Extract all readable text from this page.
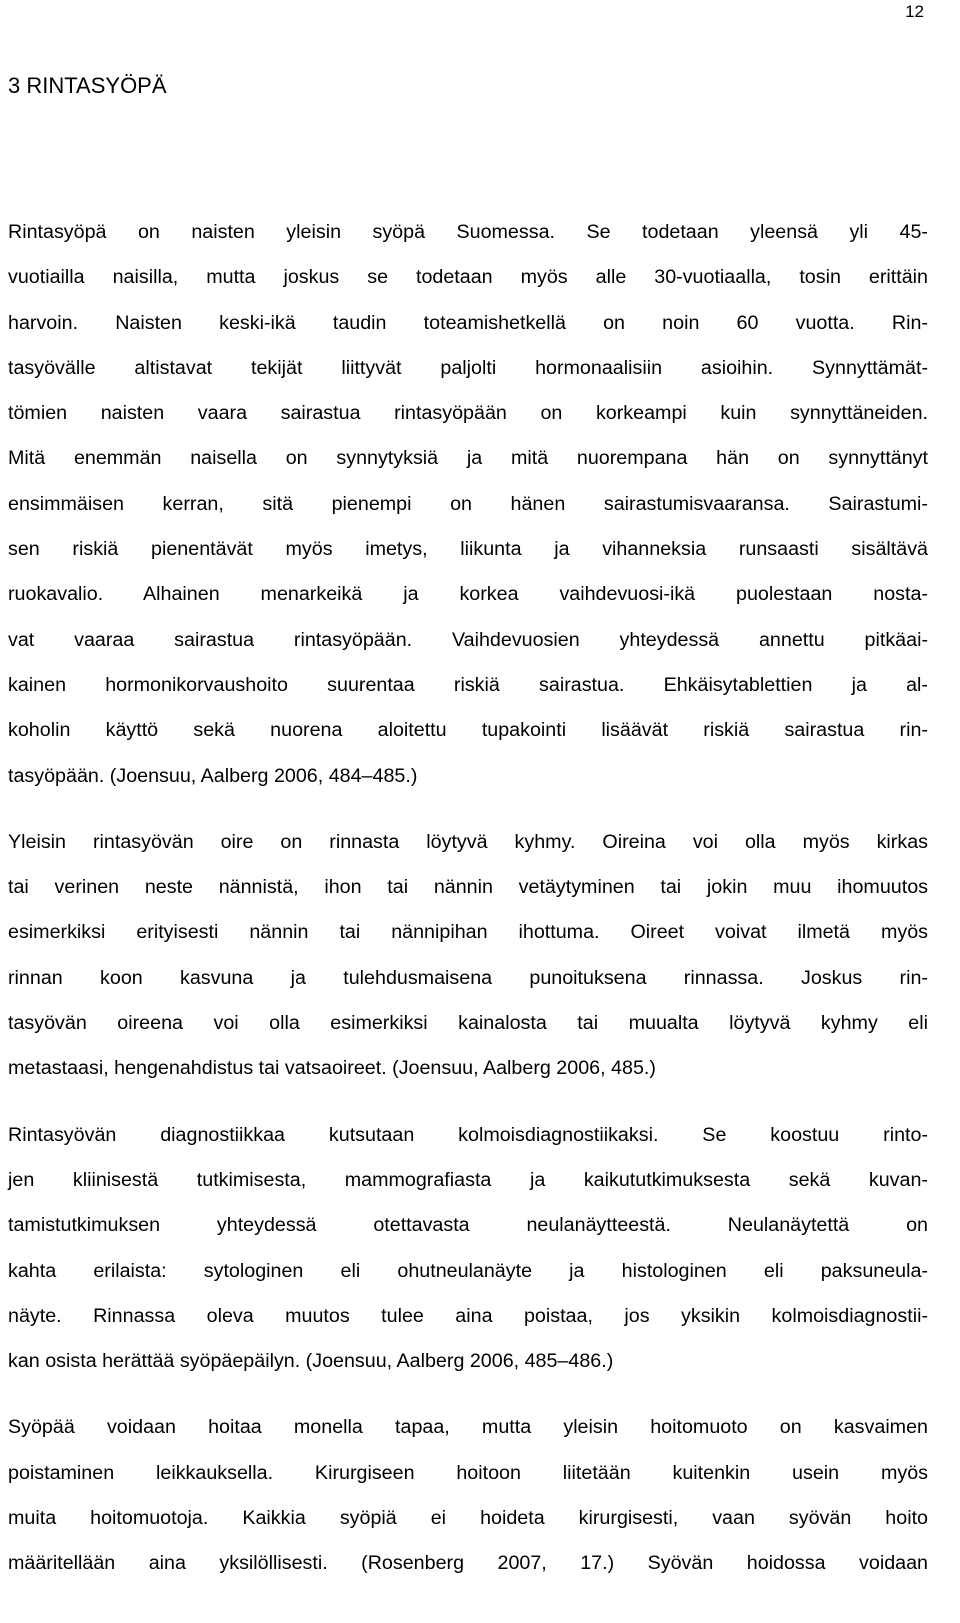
12
3 RINTASYÖPÄ

Rintasyöpä on naisten yleisin syöpä Suomessa. Se todetaan yleensä yli 45-
vuotiailla naisilla, mutta joskus se todetaan myös alle 30-vuotiaalla, tosin erittäin
harvoin. Naisten keski-ikä taudin toteamishetkellä on noin 60 vuotta. Rin-
tasyövälle altistavat tekijät liittyvät paljolti hormonaalisiin asioihin. Synnyttämät-
tömien naisten vaara sairastua rintasyöpään on korkeampi kuin synnyttäneiden.
Mitä enemmän naisella on synnytyksiä ja mitä nuorempana hän on synnyttänyt
ensimmäisen kerran, sitä pienempi on hänen sairastumisvaaransa. Sairastumi-
sen riskiä pienentävät myös imetys, liikunta ja vihanneksia runsaasti sisältävä
ruokavalio. Alhainen menarkeikä ja korkea vaihdevuosi-ikä puolestaan nosta-
vat vaaraa sairastua rintasyöpään. Vaihdevuosien yhteydessä annettu pitkäai-
kainen hormonikorvaushoito suurentaa riskiä sairastua. Ehkäisytablettien ja al-
koholin käyttö sekä nuorena aloitettu tupakointi lisäävät riskiä sairastua rin-
tasyöpään. (Joensuu, Aalberg 2006, 484–485.)

Yleisin rintasyövän oire on rinnasta löytyvä kyhmy. Oireina voi olla myös kirkas
tai verinen neste nännistä, ihon tai nännin vetäytyminen tai jokin muu ihomuutos
esimerkiksi erityisesti nännin tai nännipihan ihottuma. Oireet voivat ilmetä myös
rinnan koon kasvuna ja tulehdusmaisena punoituksena rinnassa. Joskus rin-
tasyövän oireena voi olla esimerkiksi kainalosta tai muualta löytyvä kyhmy eli
metastaasi, hengenahdistus tai vatsaoireet. (Joensuu, Aalberg 2006, 485.)

Rintasyövän diagnostiikkaa kutsutaan kolmoisdiagnostiikaksi. Se koostuu rinto-
jen kliinisestä tutkimisesta, mammografiasta ja kaikututkimuksesta sekä kuvan-
tamistutkimuksen yhteydessä otettavasta neulanäytteestä. Neulanäytettä on
kahta erilaista: sytologinen eli ohutneulanäyte ja histologinen eli paksuneula-
näyte. Rinnassa oleva muutos tulee aina poistaa, jos yksikin kolmoisdiagnostii-
kan osista herättää syöpäepäilyn. (Joensuu, Aalberg 2006, 485–486.)

Syöpää voidaan hoitaa monella tapaa, mutta yleisin hoitomuoto on kasvaimen
poistaminen leikkauksella. Kirurgiseen hoitoon liitetään kuitenkin usein myös
muita hoitomuotoja. Kaikkia syöpiä ei hoideta kirurgisesti, vaan syövän hoito
määritellään aina yksilöllisesti. (Rosenberg 2007, 17.) Syövän hoidossa voidaan
